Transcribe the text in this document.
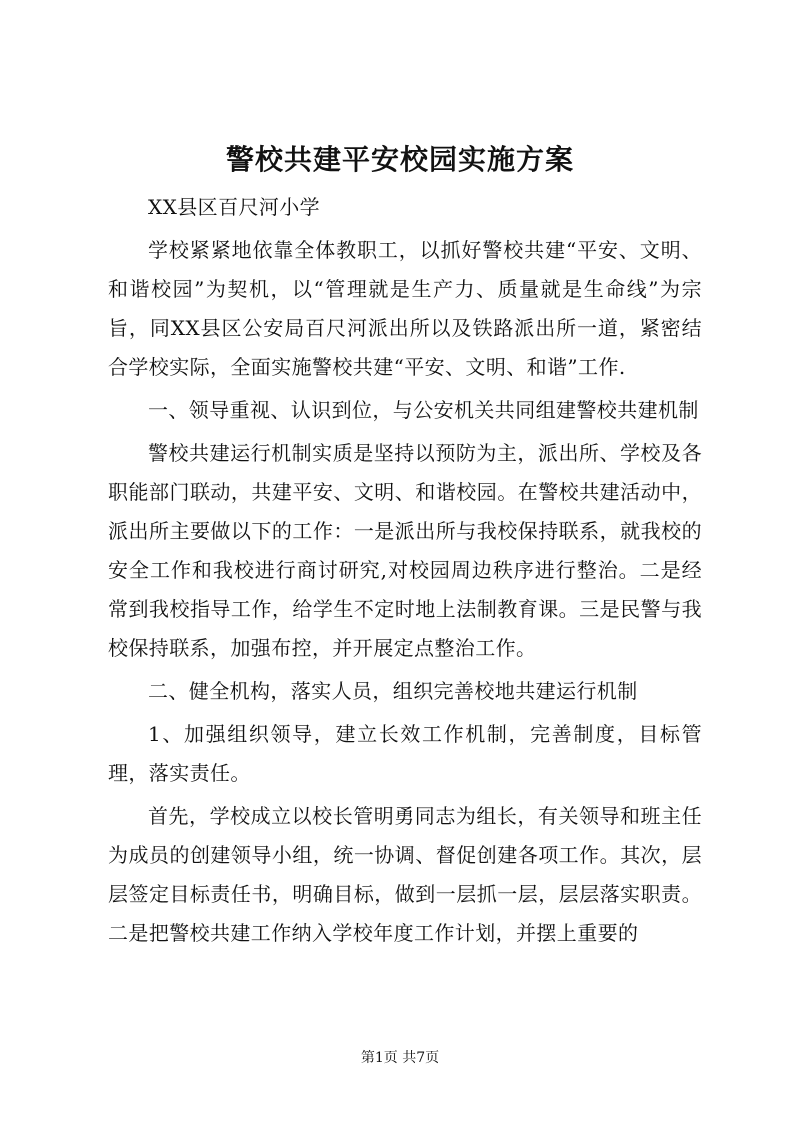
警校共建平安校园实施方案

XX县区百尺河小学

学校紧紧地依靠全体教职工，以抓好警校共建“平安、文明、和谐校园”为契机，以“管理就是生产力、质量就是生命线”为宗旨，同XX县区公安局百尺河派出所以及铁路派出所一道，紧密结合学校实际，全面实施警校共建“平安、文明、和谐”工作.

一、领导重视、认识到位，与公安机关共同组建警校共建机制

警校共建运行机制实质是坚持以预防为主，派出所、学校及各职能部门联动，共建平安、文明、和谐校园。在警校共建活动中，派出所主要做以下的工作：一是派出所与我校保持联系，就我校的安全工作和我校进行商讨研究,对校园周边秩序进行整治。二是经常到我校指导工作，给学生不定时地上法制教育课。三是民警与我校保持联系，加强布控，并开展定点整治工作。

二、健全机构，落实人员，组织完善校地共建运行机制

1、加强组织领导，建立长效工作机制，完善制度，目标管理，落实责任。

首先，学校成立以校长管明勇同志为组长，有关领导和班主任为成员的创建领导小组，统一协调、督促创建各项工作。其次，层层签定目标责任书，明确目标，做到一层抓一层，层层落实职责。二是把警校共建工作纳入学校年度工作计划，并摆上重要的

第1页 共7页
